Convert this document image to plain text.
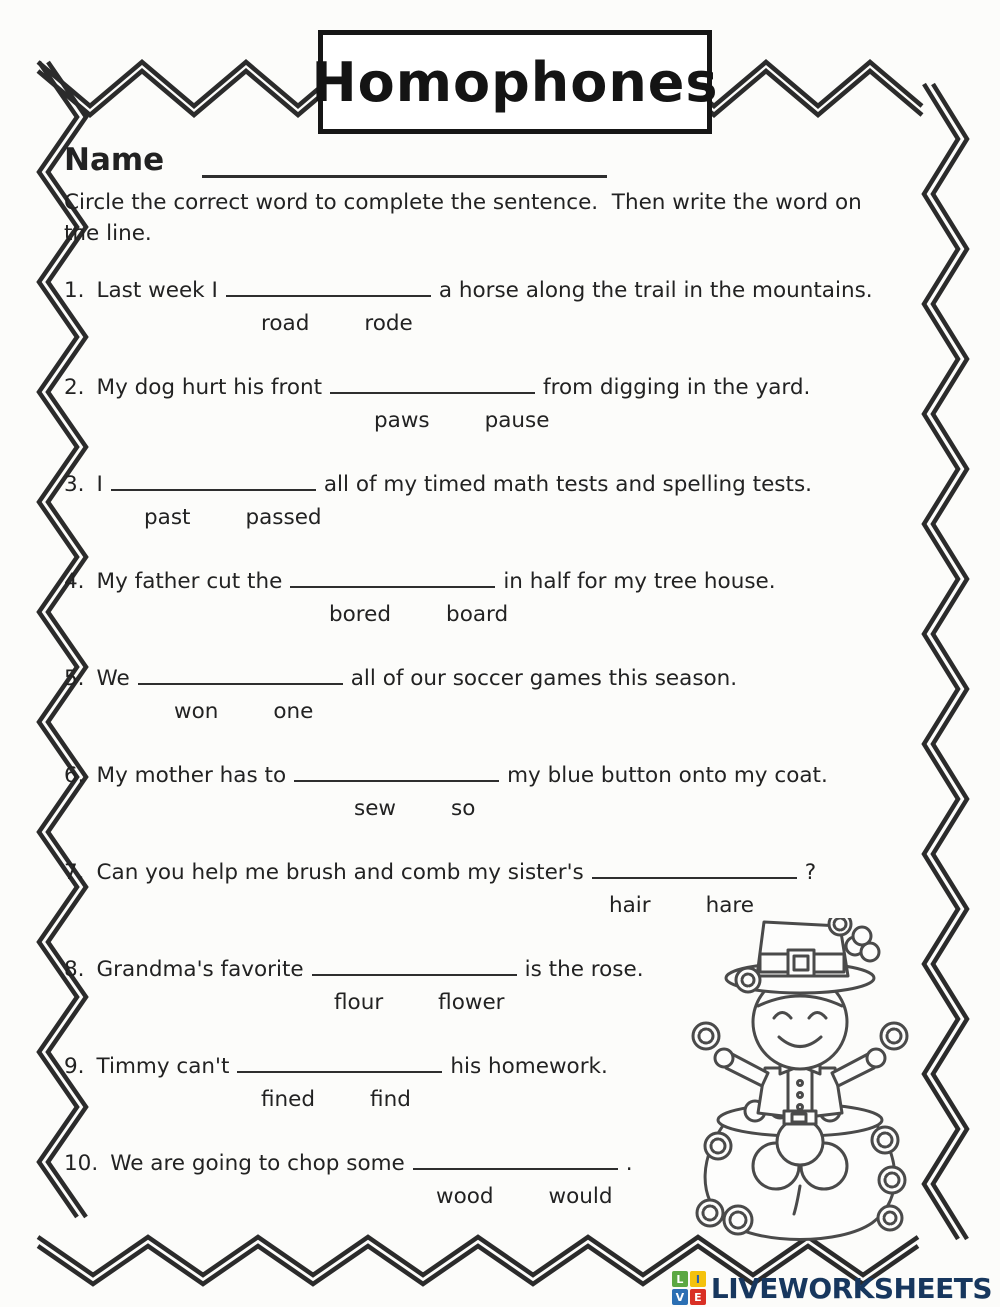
Homophones
Name
Circle the correct word to complete the sentence.  Then write the word on the line.
1. Last week I	a horse along the trail in the mountains.
road	rode
2. My dog hurt his front	from digging in the yard.
paws	pause
3. I	all of my timed math tests and spelling tests.
past	passed
4. My father cut the	in half for my tree house.
bored	board
5. We	all of our soccer games this season.
won	one
6. My mother has to	my blue button onto my coat.
sew	so
7. Can you help me brush and comb my sister's	?
hair	hare
8. Grandma's favorite	is the rose.
flour	flower
9. Timmy can't	his homework.
fined	find
10. We are going to chop some	.
wood	would
L	I
V E LIVEWORKSHEETS
